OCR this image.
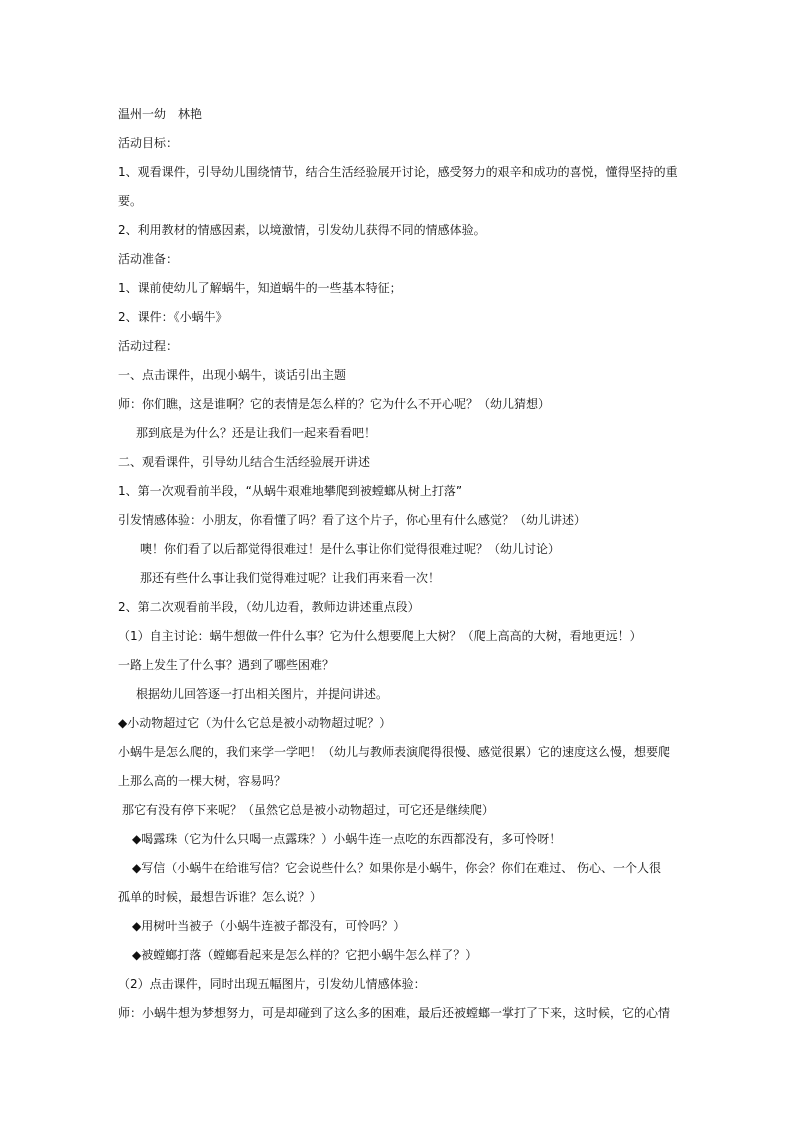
温州一幼　林艳
活动目标：
1、观看课件，引导幼儿围绕情节，结合生活经验展开讨论，感受努力的艰辛和成功的喜悦，懂得坚持的重
要。
2、利用教材的情感因素，以境激情，引发幼儿获得不同的情感体验。
活动准备：
1、课前使幼儿了解蜗牛，知道蜗牛的一些基本特征；
2、课件：《小蜗牛》
活动过程：
一、点击课件，出现小蜗牛，谈话引出主题
师：你们瞧，这是谁啊？它的表情是怎么样的？它为什么不开心呢？（幼儿猜想）
那到底是为什么？还是让我们一起来看看吧！
二、观看课件，引导幼儿结合生活经验展开讲述
1、第一次观看前半段，“从蜗牛艰难地攀爬到被螳螂从树上打落”
引发情感体验：小朋友，你看懂了吗？看了这个片子，你心里有什么感觉？（幼儿讲述）
噢！你们看了以后都觉得很难过！是什么事让你们觉得很难过呢？（幼儿讨论）
那还有些什么事让我们觉得难过呢？让我们再来看一次！
2、第二次观看前半段，（幼儿边看，教师边讲述重点段）
（1）自主讨论：蜗牛想做一件什么事？它为什么想要爬上大树？（爬上高高的大树，看地更远！）
一路上发生了什么事？遇到了哪些困难？
根据幼儿回答逐一打出相关图片，并提问讲述。
◆小动物超过它（为什么它总是被小动物超过呢？）
小蜗牛是怎么爬的，我们来学一学吧！（幼儿与教师表演爬得很慢、感觉很累）它的速度这么慢，想要爬
上那么高的一棵大树，容易吗？
那它有没有停下来呢？（虽然它总是被小动物超过，可它还是继续爬）
◆喝露珠（它为什么只喝一点露珠？）小蜗牛连一点吃的东西都没有，多可怜呀！
◆写信（小蜗牛在给谁写信？它会说些什么？如果你是小蜗牛，你会？你们在难过、 伤心、一个人很
孤单的时候，最想告诉谁？怎么说？）
◆用树叶当被子（小蜗牛连被子都没有，可怜吗？）
◆被螳螂打落（螳螂看起来是怎么样的？它把小蜗牛怎么样了？）
（2）点击课件，同时出现五幅图片，引发幼儿情感体验：
师：小蜗牛想为梦想努力，可是却碰到了这么多的困难，最后还被螳螂一掌打了下来，这时候，它的心情
